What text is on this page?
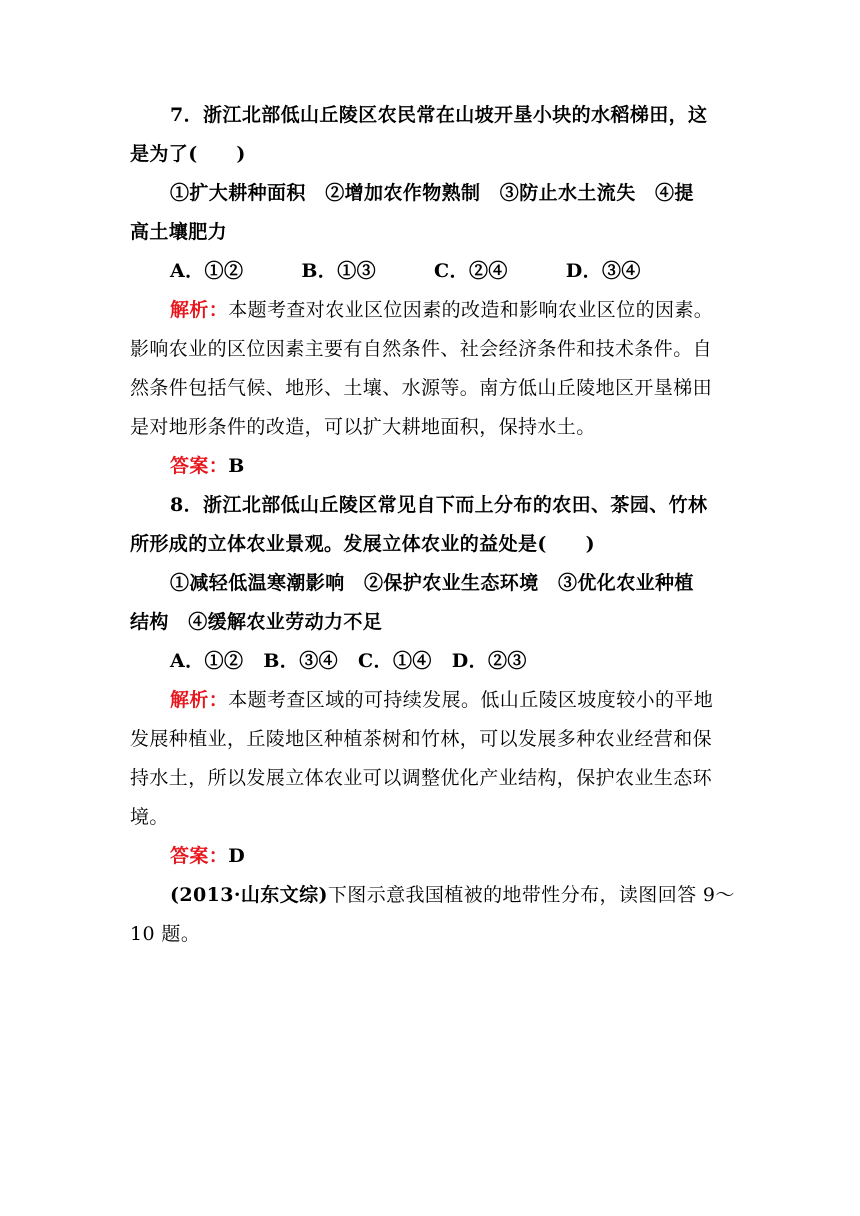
7．浙江北部低山丘陵区农民常在山坡开垦小块的水稻梯田，这
是为了(　　)
①扩大耕种面积　②增加农作物熟制　③防止水土流失　④提
高土壤肥力
A．①②	B．①③	C．②④	D．③④
解析：本题考查对农业区位因素的改造和影响农业区位的因素。
影响农业的区位因素主要有自然条件、社会经济条件和技术条件。自
然条件包括气候、地形、土壤、水源等。南方低山丘陵地区开垦梯田
是对地形条件的改造，可以扩大耕地面积，保持水土。
答案：B
8．浙江北部低山丘陵区常见自下而上分布的农田、茶园、竹林
所形成的立体农业景观。发展立体农业的益处是(　　)
①减轻低温寒潮影响　②保护农业生态环境　③优化农业种植
结构　④缓解农业劳动力不足
A．①② B．③④ C．①④ D．②③
解析：本题考查区域的可持续发展。低山丘陵区坡度较小的平地
发展种植业，丘陵地区种植茶树和竹林，可以发展多种农业经营和保
持水土，所以发展立体农业可以调整优化产业结构，保护农业生态环
境。
答案：D
(2013·山东文综)下图示意我国植被的地带性分布，读图回答 9～
10 题。
